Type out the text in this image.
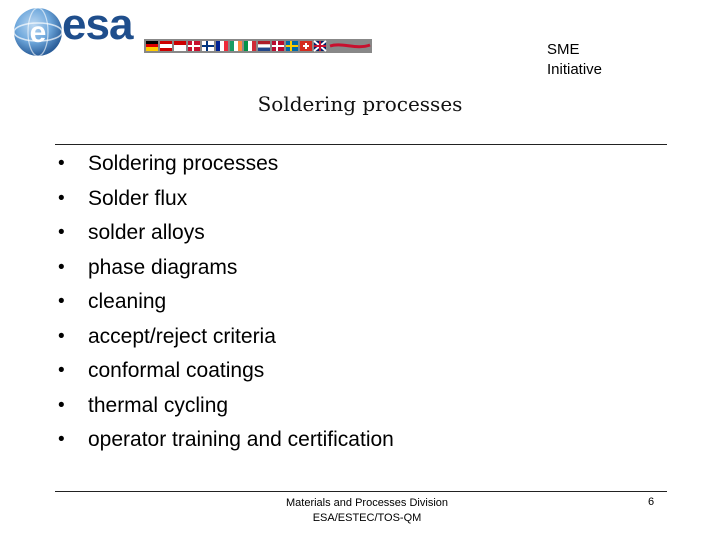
e esa
SME
Initiative
Soldering processes
• Soldering processes
• Solder flux
• solder alloys
• phase diagrams
• cleaning
• accept/reject criteria
• conformal coatings
• thermal cycling
• operator training and certification
Materials and Processes Division
ESA/ESTEC/TOS-QM
6
